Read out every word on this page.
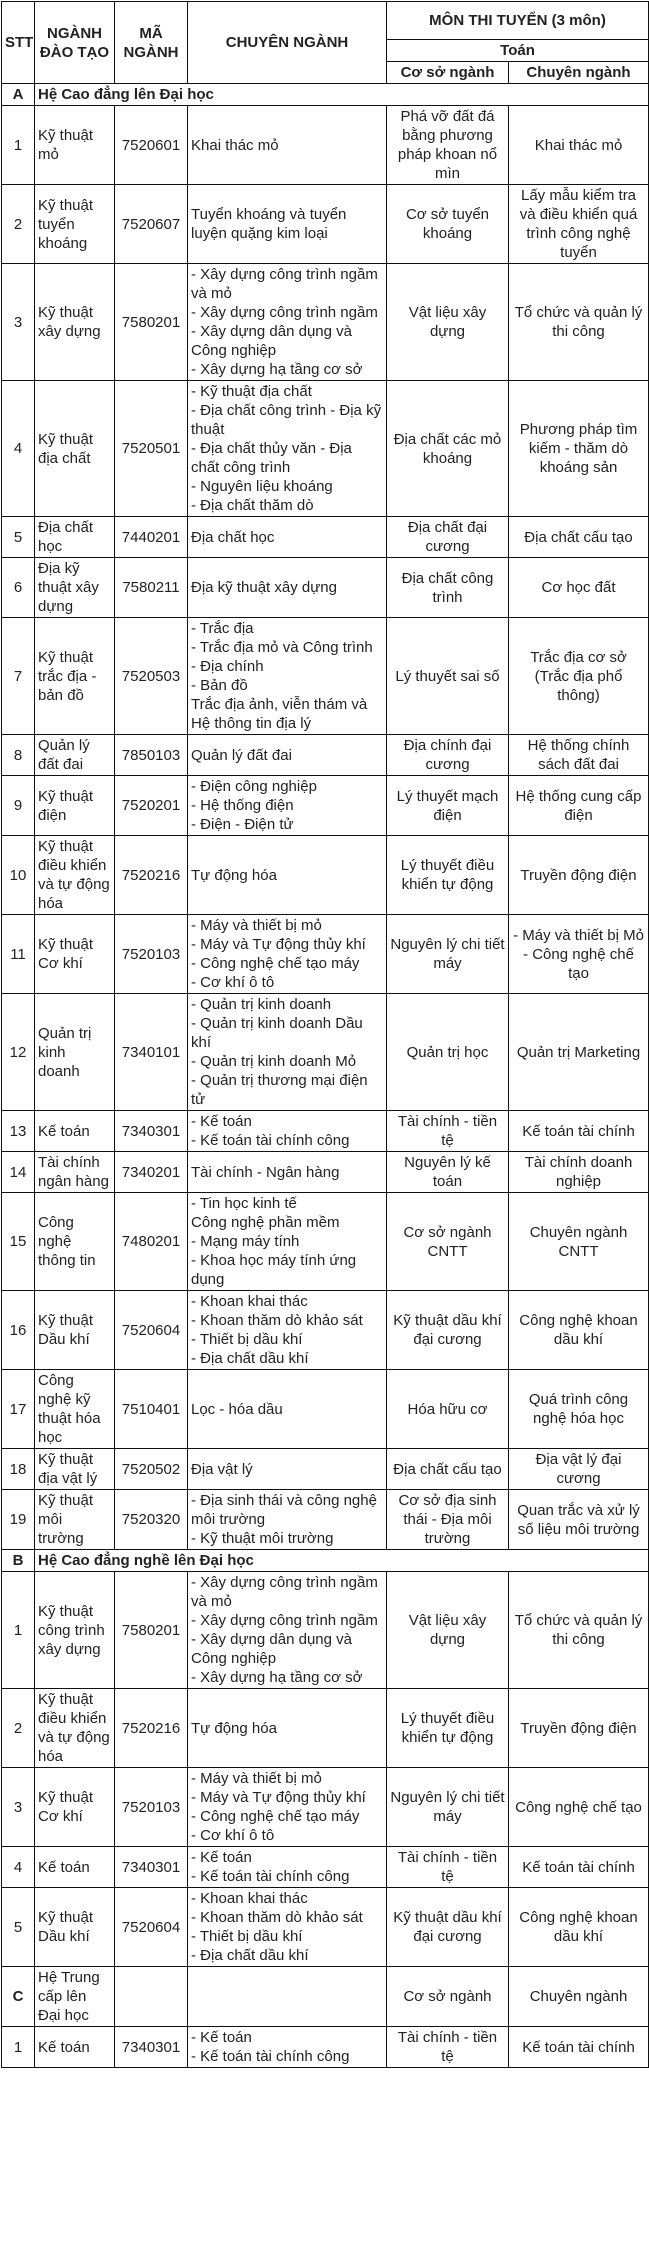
STT	NGÀNH ĐÀO TẠO	MÃ NGÀNH	CHUYÊN NGÀNH	MÔN THI TUYỂN (3 môn)	
				Toán	
				Cơ sở ngành	Chuyên ngành
A	Hệ Cao đẳng lên Đại học				
1	Kỹ thuật mỏ	7520601	Khai thác mỏ	Phá vỡ đất đá bằng phương pháp khoan nổ mìn	Khai thác mỏ

2	Kỹ thuật tuyển khoáng	7520607	Tuyển khoáng và tuyển luyện quặng kim loại	Cơ sở tuyển khoáng	Lấy mẫu kiểm tra và điều khiển quá trình công nghệ tuyển

3	Kỹ thuật xây dựng	7580201	- Xây dựng công trình ngầm và mỏ
- Xây dựng công trình ngầm
- Xây dựng dân dụng và Công nghiệp
- Xây dựng hạ tầng cơ sở	Vật liệu xây dựng	Tổ chức và quản lý thi công

4	Kỹ thuật địa chất	7520501	- Kỹ thuật địa chất
- Địa chất công trình - Địa kỹ thuật
- Địa chất thủy văn - Địa chất công trình
- Nguyên liệu khoáng
- Địa chất thăm dò	Địa chất các mỏ khoáng	Phương pháp tìm kiếm - thăm dò khoáng sản

5	Địa chất học	7440201	Địa chất học	Địa chất đại cương	Địa chất cấu tạo

6	Địa kỹ thuật xây dựng	7580211	Địa kỹ thuật xây dựng	Địa chất công trình	Cơ học đất

7	Kỹ thuật trắc địa - bản đồ	7520503	- Trắc địa
- Trắc địa mỏ và Công trình
- Địa chính
- Bản đồ
Trắc địa ảnh, viễn thám và Hệ thông tin địa lý	Lý thuyết sai số	Trắc địa cơ sở (Trắc địa phổ thông)

8	Quản lý đất đai	7850103	Quản lý đất đai	Địa chính đại cương	Hệ thống chính sách đất đai

9	Kỹ thuật điện	7520201	- Điện công nghiệp
- Hệ thống điện
- Điện - Điện tử	Lý thuyết mạch điện	Hệ thống cung cấp điện

10	Kỹ thuật điều khiển và tự động hóa	7520216	Tự động hóa	Lý thuyết điều khiển tự động	Truyền động điện

11	Kỹ thuật Cơ khí	7520103	- Máy và thiết bị mỏ
- Máy và Tự động thủy khí
- Công nghệ chế tạo máy
- Cơ khí ô tô	Nguyên lý chi tiết máy	- Máy và thiết bị Mỏ
- Công nghệ chế tạo

12	Quản trị kinh doanh	7340101	- Quản trị kinh doanh
- Quản trị kinh doanh Dầu khí
- Quản trị kinh doanh Mỏ
- Quản trị thương mại điện tử	Quản trị học	Quản trị Marketing

13	Kế toán	7340301	- Kế toán
- Kế toán tài chính công	Tài chính - tiền tệ	Kế toán tài chính

14	Tài chính ngân hàng	7340201	Tài chính - Ngân hàng	Nguyên lý kế toán	Tài chính doanh nghiệp

15	Công nghệ thông tin	7480201	- Tin học kinh tế
Công nghệ phần mềm
- Mạng máy tính
- Khoa học máy tính ứng dụng	Cơ sở ngành CNTT	Chuyên ngành CNTT

16	Kỹ thuật Dầu khí	7520604	- Khoan khai thác
- Khoan thăm dò khảo sát
- Thiết bị dầu khí
- Địa chất dầu khí	Kỹ thuật dầu khí đại cương	Công nghệ khoan dầu khí

17	Công nghệ kỹ thuật hóa học	7510401	Lọc - hóa dầu	Hóa hữu cơ	Quá trình công nghệ hóa học

18	Kỹ thuật địa vật lý	7520502	Địa vật lý	Địa chất cấu tạo	Địa vật lý đại cương

19	Kỹ thuật môi trường	7520320	- Địa sinh thái và công nghệ môi trường
- Kỹ thuật môi trường	Cơ sở địa sinh thái - Địa môi trường	Quan trắc và xử lý số liệu môi trường

B	Hệ Cao đẳng nghề lên Đại học				
1	Kỹ thuật công trình xây dựng	7580201	- Xây dựng công trình ngầm và mỏ
- Xây dựng công trình ngầm
- Xây dựng dân dụng và Công nghiệp
- Xây dựng hạ tầng cơ sở	Vật liệu xây dựng	Tổ chức và quản lý thi công

2	Kỹ thuật điều khiển và tự động hóa	7520216	Tự động hóa	Lý thuyết điều khiển tự động	Truyền động điện

3	Kỹ thuật Cơ khí	7520103	- Máy và thiết bị mỏ
- Máy và Tự động thủy khí
- Công nghệ chế tạo máy
- Cơ khí ô tô	Nguyên lý chi tiết máy	Công nghệ chế tạo

4	Kế toán	7340301	- Kế toán
- Kế toán tài chính công	Tài chính - tiền tệ	Kế toán tài chính

5	Kỹ thuật Dầu khí	7520604	- Khoan khai thác
- Khoan thăm dò khảo sát
- Thiết bị dầu khí
- Địa chất dầu khí	Kỹ thuật dầu khí đại cương	Công nghệ khoan dầu khí

C	Hệ Trung cấp lên Đại học			Cơ sở ngành	Chuyên ngành
1	Kế toán	7340301	- Kế toán
- Kế toán tài chính công	Tài chính - tiền tệ	Kế toán tài chính
